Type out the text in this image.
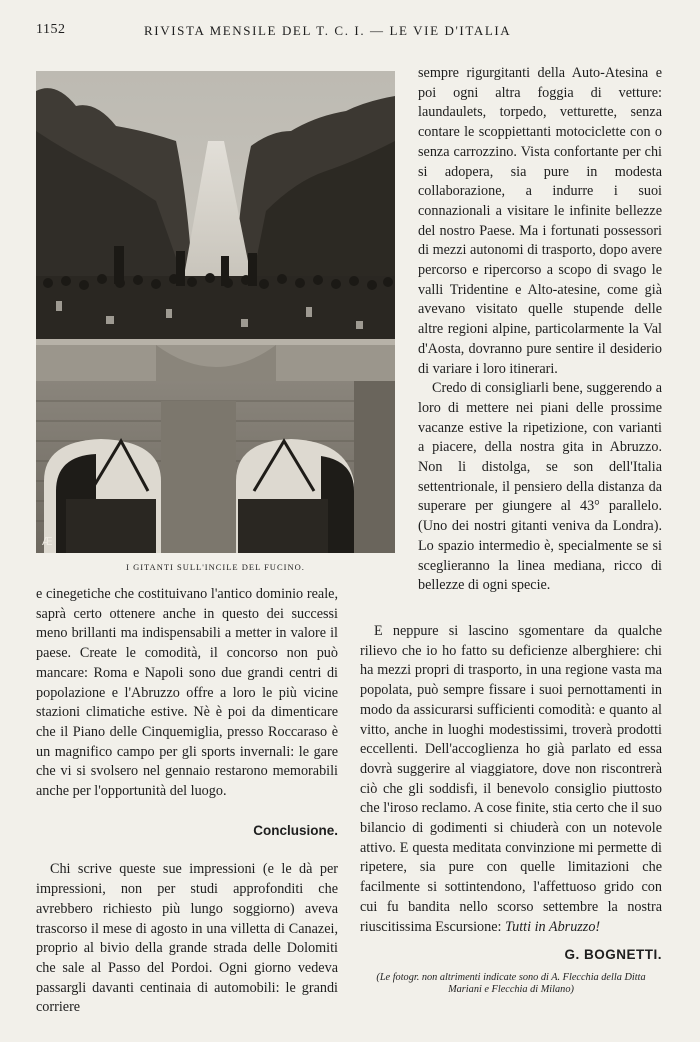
1152	RIVISTA MENSILE DEL T. C. I. — LE VIE D'ITALIA
Æ
I GITANTI SULL'INCILE DEL FUCINO.

sempre rigurgitanti della Auto-Atesina e poi ogni altra foggia di vetture: laundaulets, torpedo, vetturette, senza contare le scoppiettanti motociclette con o senza carrozzino. Vista confortante per chi si adopera, sia pure in modesta collaborazione, a indurre i suoi connazionali a visitare le infinite bellezze del nostro Paese. Ma i fortunati possessori di mezzi autonomi di trasporto, dopo avere percorso e ripercorso a scopo di svago le valli Tridentine e Alto-atesine, come già avevano visitato quelle stupende delle altre regioni alpine, particolarmente la Val d'Aosta, dovranno pure sentire il desiderio di variare i loro itinerari.

Credo di consigliarli bene, suggerendo a loro di mettere nei piani delle prossime vacanze estive la ripetizione, con varianti a piacere, della nostra gita in Abruzzo. Non li distolga, se son dell'Italia settentrionale, il pensiero della distanza da superare per giungere al 43° parallelo. (Uno dei nostri gitanti veniva da Londra). Lo spazio intermedio è, specialmente se si sceglieranno la linea mediana, ricco di bellezze di ogni specie.

e cinegetiche che costituivano l'antico dominio reale, saprà certo ottenere anche in questo dei successi meno brillanti ma indispensabili a metter in valore il paese. Create le comodità, il concorso non può mancare: Roma e Napoli sono due grandi centri di popolazione e l'Abruzzo offre a loro le più vicine stazioni climatiche estive. Nè è poi da dimenticare che il Piano delle Cinquemiglia, presso Roccaraso è un magnifico campo per gli sports invernali: le gare che vi si svolsero nel gennaio restarono memorabili anche per l'opportunità del luogo.

Conclusione.

Chi scrive queste sue impressioni (e le dà per impressioni, non per studi approfonditi che avrebbero richiesto più lungo soggiorno) aveva trascorso il mese di agosto in una villetta di Canazei, proprio al bivio della grande strada delle Dolomiti che sale al Passo del Pordoi. Ogni giorno vedeva passargli davanti centinaia di automobili: le grandi corriere

E neppure si lascino sgomentare da qualche rilievo che io ho fatto su deficienze alberghiere: chi ha mezzi propri di trasporto, in una regione vasta ma popolata, può sempre fissare i suoi pernottamenti in modo da assicurarsi sufficienti comodità: e quanto al vitto, anche in luoghi modestissimi, troverà prodotti eccellenti. Dell'accoglienza ho già parlato ed essa dovrà suggerire al viaggiatore, dove non riscontrerà ciò che gli soddisfi, il benevolo consiglio piuttosto che l'iroso reclamo. A cose finite, stia certo che il suo bilancio di godimenti si chiuderà con un notevole attivo. E questa meditata convinzione mi permette di ripetere, sia pure con quelle limitazioni che facilmente si sottintendono, l'affettuoso grido con cui fu bandita nello scorso settembre la nostra riuscitissima Escursione: Tutti in Abruzzo!

G. BOGNETTI.

(Le fotogr. non altrimenti indicate sono di A. Flecchia della Ditta Mariani e Flecchia di Milano)
